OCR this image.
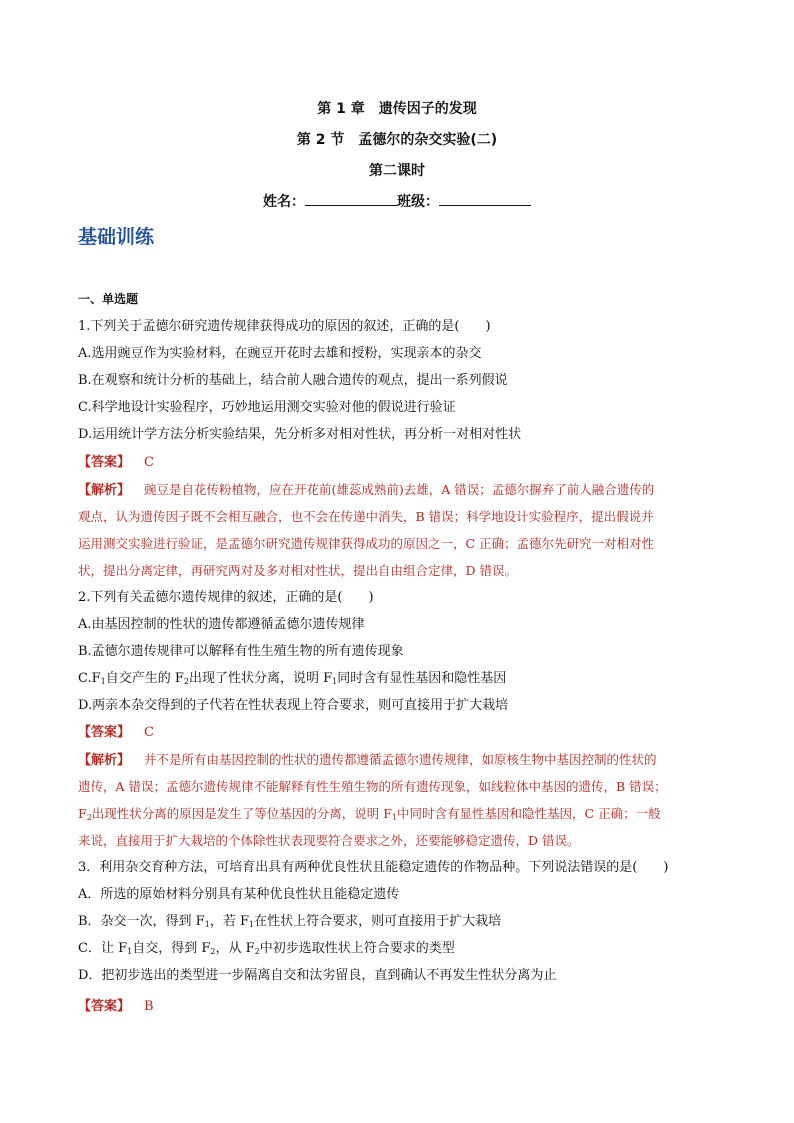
第 1 章　遗传因子的发现
第 2 节　孟德尔的杂交实验(二)
第二课时
姓名：	班级：
基础训练
一、单选题
1.下列关于孟德尔研究遗传规律获得成功的原因的叙述，正确的是(　　)
A.选用豌豆作为实验材料，在豌豆开花时去雄和授粉，实现亲本的杂交
B.在观察和统计分析的基础上，结合前人融合遗传的观点，提出一系列假说
C.科学地设计实验程序，巧妙地运用测交实验对他的假说进行验证
D.运用统计学方法分析实验结果，先分析多对相对性状，再分析一对相对性状
【答案】 C
【解析】 豌豆是自花传粉植物，应在开花前(雄蕊成熟前)去雄，A 错误；孟德尔摒弃了前人融合遗传的
观点，认为遗传因子既不会相互融合，也不会在传递中消失，B 错误；科学地设计实验程序，提出假说并
运用测交实验进行验证，是孟德尔研究遗传规律获得成功的原因之一，C 正确；孟德尔先研究一对相对性
状，提出分离定律，再研究两对及多对相对性状，提出自由组合定律，D 错误。
2.下列有关孟德尔遗传规律的叙述，正确的是(　　)
A.由基因控制的性状的遗传都遵循孟德尔遗传规律
B.孟德尔遗传规律可以解释有性生殖生物的所有遗传现象
$C.F_1$自交产生的 $F_2$出现了性状分离，说明 $F_1$同时含有显性基因和隐性基因
D.两亲本杂交得到的子代若在性状表现上符合要求，则可直接用于扩大栽培
【答案】 C
【解析】 并不是所有由基因控制的性状的遗传都遵循孟德尔遗传规律，如原核生物中基因控制的性状的
遗传，A 错误；孟德尔遗传规律不能解释有性生殖生物的所有遗传现象，如线粒体中基因的遗传，B 错误；
$F_2$出现性状分离的原因是发生了等位基因的分离，说明 $F_1$中同时含有显性基因和隐性基因，C 正确；一般
来说，直接用于扩大栽培的个体除性状表现要符合要求之外，还要能够稳定遗传，D 错误。
3．利用杂交育种方法，可培育出具有两种优良性状且能稳定遗传的作物品种。下列说法错误的是(　　)
A．所选的原始材料分别具有某种优良性状且能稳定遗传
B．杂交一次，得到 $F_1$，若 $F_1$在性状上符合要求，则可直接用于扩大栽培
C．让 $F_1$自交，得到 $F_2$，从 $F_2$中初步选取性状上符合要求的类型
D．把初步选出的类型进一步隔离自交和汰劣留良，直到确认不再发生性状分离为止
【答案】 B
